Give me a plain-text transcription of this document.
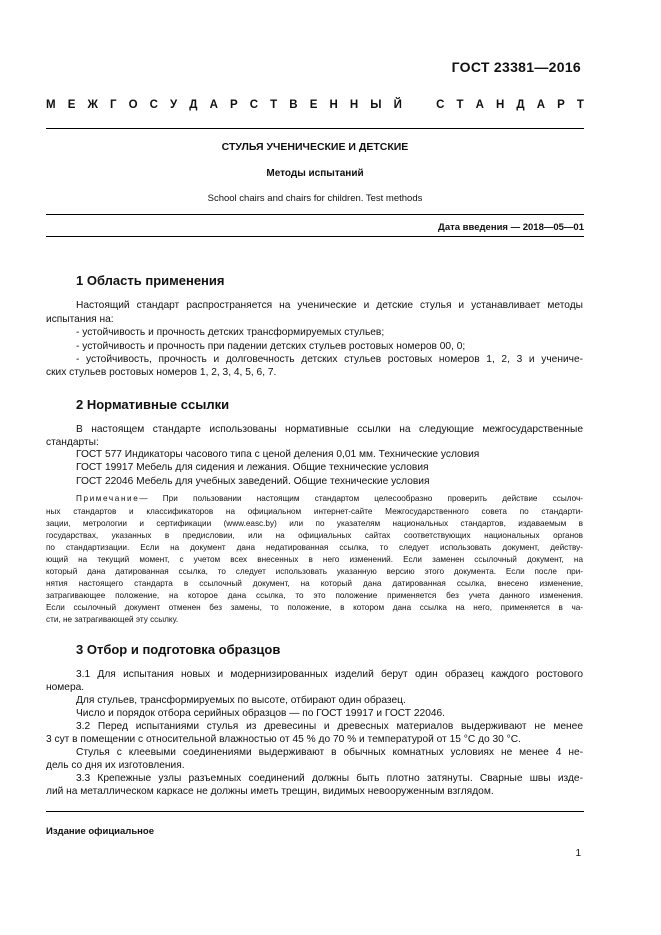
ГОСТ 23381—2016
М Е Ж Г О С У Д А Р С Т В Е Н Н Ы Й	С Т А Н Д А Р Т
СТУЛЬЯ УЧЕНИЧЕСКИЕ И ДЕТСКИЕ
Методы испытаний
School chairs and chairs for children. Test methods
Дата введения — 2018—05—01
1 Область применения
Настоящий стандарт распространяется на ученические и детские стулья и устанавливает методы
испытания на:
- устойчивость и прочность детских трансформируемых стульев;
- устойчивость и прочность при падении детских стульев ростовых номеров 00, 0;
- устойчивость, прочность и долговечность детских стульев ростовых номеров 1, 2, 3 и учениче-
ских стульев ростовых номеров 1, 2, 3, 4, 5, 6, 7.
2 Нормативные ссылки
В настоящем стандарте использованы нормативные ссылки на следующие межгосударственные
стандарты:
ГОСТ 577 Индикаторы часового типа с ценой деления 0,01 мм. Технические условия
ГОСТ 19917 Мебель для сидения и лежания. Общие технические условия
ГОСТ 22046 Мебель для учебных заведений. Общие технические условия
Примечание — При пользовании настоящим стандартом целесообразно проверить действие ссылоч-
ных стандартов и классификаторов на официальном интернет-сайте Межгосударственного совета по стандарти-
зации, метрологии и сертификации (www.easc.by) или по указателям национальных стандартов, издаваемым в
государствах, указанных в предисловии, или на официальных сайтах соответствующих национальных органов
по стандартизации. Если на документ дана недатированная ссылка, то следует использовать документ, действу-
ющий на текущий момент, с учетом всех внесенных в него изменений. Если заменен ссылочный документ, на
который дана датированная ссылка, то следует использовать указанную версию этого документа. Если после при-
нятия настоящего стандарта в ссылочный документ, на который дана датированная ссылка, внесено изменение,
затрагивающее положение, на которое дана ссылка, то это положение применяется без учета данного изменения.
Если ссылочный документ отменен без замены, то положение, в котором дана ссылка на него, применяется в ча-
сти, не затрагивающей эту ссылку.
3 Отбор и подготовка образцов
3.1 Для испытания новых и модернизированных изделий берут один образец каждого ростового
номера.
Для стульев, трансформируемых по высоте, отбирают один образец.
Число и порядок отбора серийных образцов — по ГОСТ 19917 и ГОСТ 22046.
3.2 Перед испытаниями стулья из древесины и древесных материалов выдерживают не менее
3 сут в помещении с относительной влажностью от 45 % до 70 % и температурой от 15 °С до 30 °С.
Стулья с клеевыми соединениями выдерживают в обычных комнатных условиях не менее 4 не-
дель со дня их изготовления.
3.3 Крепежные узлы разъемных соединений должны быть плотно затянуты. Сварные швы изде-
лий на металлическом каркасе не должны иметь трещин, видимых невооруженным взглядом.
Издание официальное
1
